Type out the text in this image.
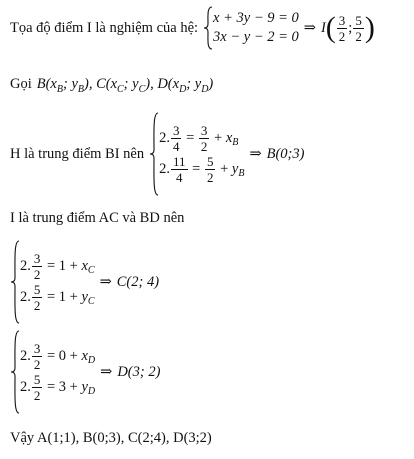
Tọa độ điểm I là nghiệm của hệ:
x + 3y − 9 = 0
3x − y − 2 = 0
⇒ I ( $\frac{3}{2}$ ; $\frac{5}{2}$ )
Gọi $B(x_B$; $y_B$), $C(x_C$; $y_C$), $D(x_D$; $y_D$)
H là trung điểm BI nên
2. $\frac{3}{4} = \frac{3}{2} + x$ B
2. $\frac{11}{4} = \frac{5}{2} + y$ B
⇒ B(0;3)
I là trung điểm AC và BD nên
2. $\frac{3}{2}$
= 1 +
x C
2. $\frac{5}{2}$
= 1 +
y C
⇒ C(2; 4)
2. $\frac{3}{2}$
= 0 +
x D
2. $\frac{5}{2}$
= 3 +
y D
⇒ D(3; 2)
Vậy A(1;1), B(0;3), C(2;4), D(3;2)
